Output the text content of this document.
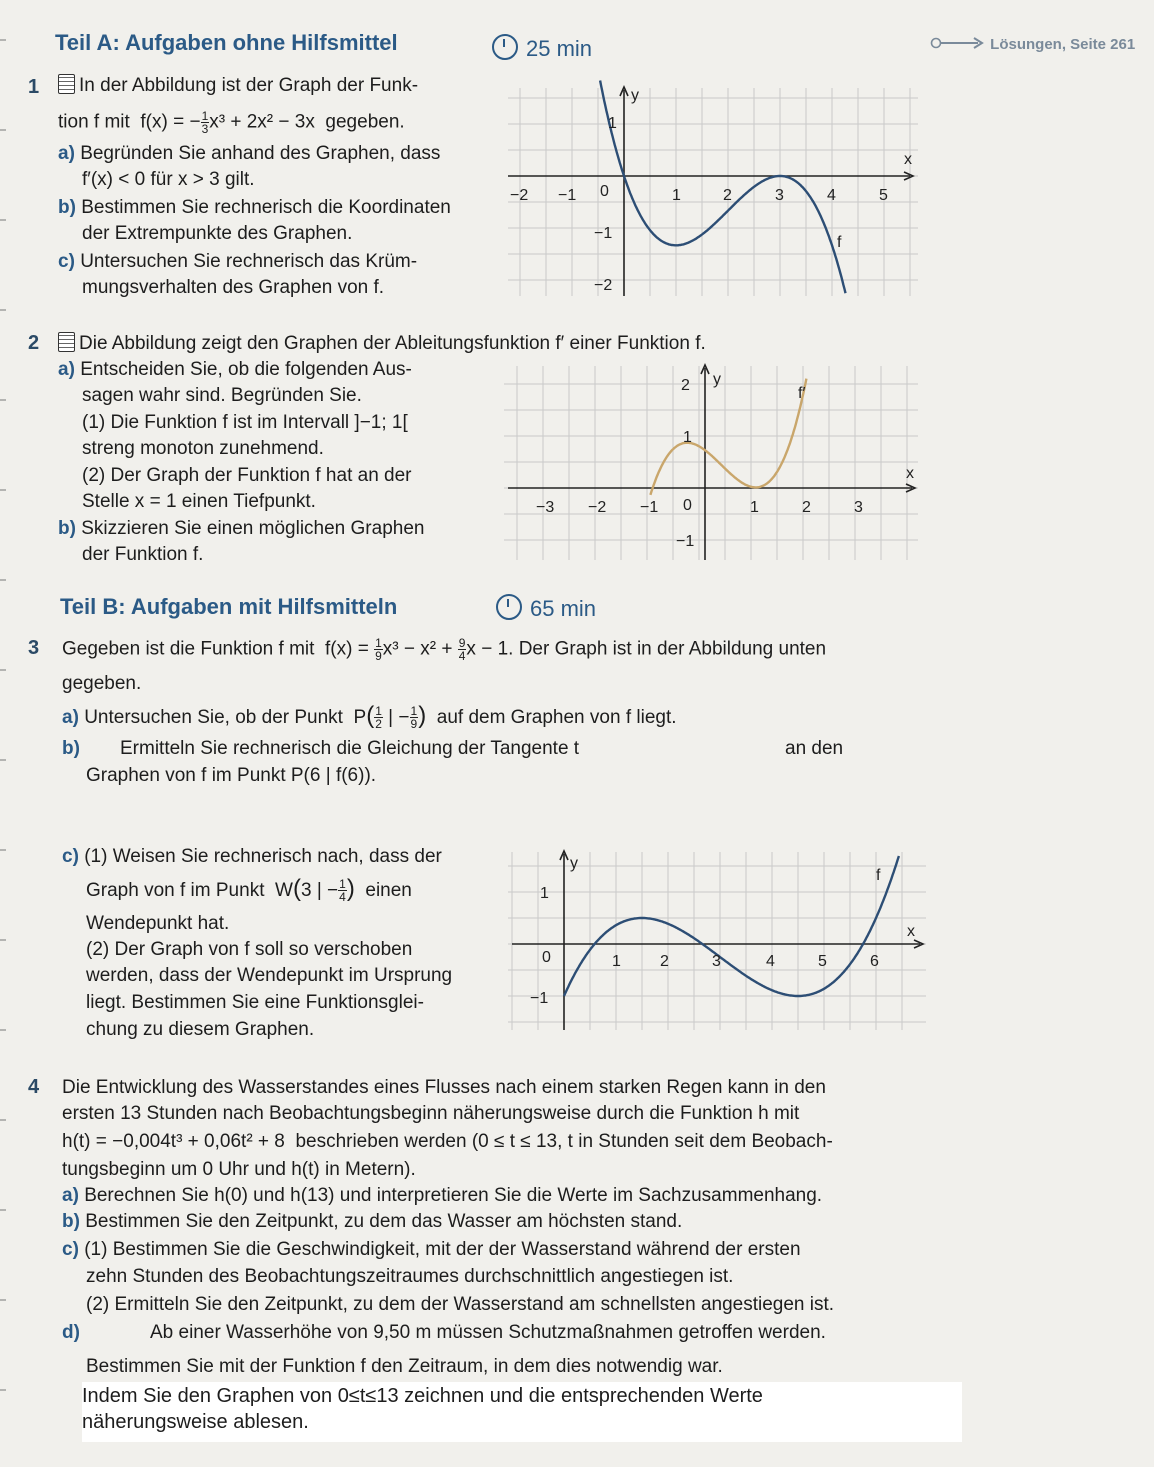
Teil A: Aufgaben ohne Hilfsmittel	25 min	Lösungen, Seite 261
1	In der Abbildung ist der Graph der Funk-
tion f mit f(x) = − $\frac{1}{3} x^3 + 2x^2 - 3x$ gegeben.
a) Begründen Sie anhand des Graphen, dass
f′(x) < 0 für x > 3 gilt.
b) Bestimmen Sie rechnerisch die Koordinaten
der Extrempunkte des Graphen.
c) Untersuchen Sie rechnerisch das Krüm-
mungsverhalten des Graphen von f.
y
x
f
−2 −1 0	1	2	3	4	5
1
−1
−2
2	Die Abbildung zeigt den Graphen der Ableitungsfunktion f′ einer Funktion f.
a) Entscheiden Sie, ob die folgenden Aus-
sagen wahr sind. Begründen Sie.
(1) Die Funktion f ist im Intervall ]−1; 1[
streng monoton zunehmend.
(2) Der Graph der Funktion f hat an der
Stelle x = 1 einen Tiefpunkt.
b) Skizzieren Sie einen möglichen Graphen
der Funktion f.
y
x
f′
−3 −2 −1 0	1	2	3
2
1
−1
Teil B: Aufgaben mit Hilfsmitteln	65 min
3 Gegeben ist die Funktion f mit $f(x) = \frac{1}{9} x^3 - x^2 + \frac{9}{4}$ x − 1. Der Graph ist in der Abbildung unten
gegeben.
a) Untersuchen Sie, ob der Punkt $P( \frac{1}{2}$ | − $\frac{1}{9}$ ) auf dem Graphen von f liegt.
b) Ermitteln Sie rechnerisch die Gleichung der Tangente t	an den
Graphen von f im Punkt P(6 | f(6)).
c) (1) Weisen Sie rechnerisch nach, dass der
Graph von f im Punkt W(3 | − $\frac{1}{4}$ ) einen
Wendepunkt hat.
(2) Der Graph von f soll so verschoben
werden, dass der Wendepunkt im Ursprung
liegt. Bestimmen Sie eine Funktionsglei-
chung zu diesem Graphen.
y
x
f
0	1 2	3	4	5	6
1
−1
4 Die Entwicklung des Wasserstandes eines Flusses nach einem starken Regen kann in den
ersten 13 Stunden nach Beobachtungsbeginn näherungsweise durch die Funktion h mit
h(t) = −0,004t³ + 0,06t² + 8 beschrieben werden (0 ≤ t ≤ 13, t in Stunden seit dem Beobach-
tungsbeginn um 0 Uhr und h(t) in Metern).
a) Berechnen Sie h(0) und h(13) und interpretieren Sie die Werte im Sachzusammenhang.
b) Bestimmen Sie den Zeitpunkt, zu dem das Wasser am höchsten stand.
c) (1) Bestimmen Sie die Geschwindigkeit, mit der der Wasserstand während der ersten
zehn Stunden des Beobachtungszeitraumes durchschnittlich angestiegen ist.
(2) Ermitteln Sie den Zeitpunkt, zu dem der Wasserstand am schnellsten angestiegen ist.
d)	Ab einer Wasserhöhe von 9,50 m müssen Schutzmaßnahmen getroffen werden.
Bestimmen Sie mit der Funktion f den Zeitraum, in dem dies notwendig war.
Indem Sie den Graphen von 0≤t≤13 zeichnen und die entsprechenden Werte
näherungsweise ablesen.
